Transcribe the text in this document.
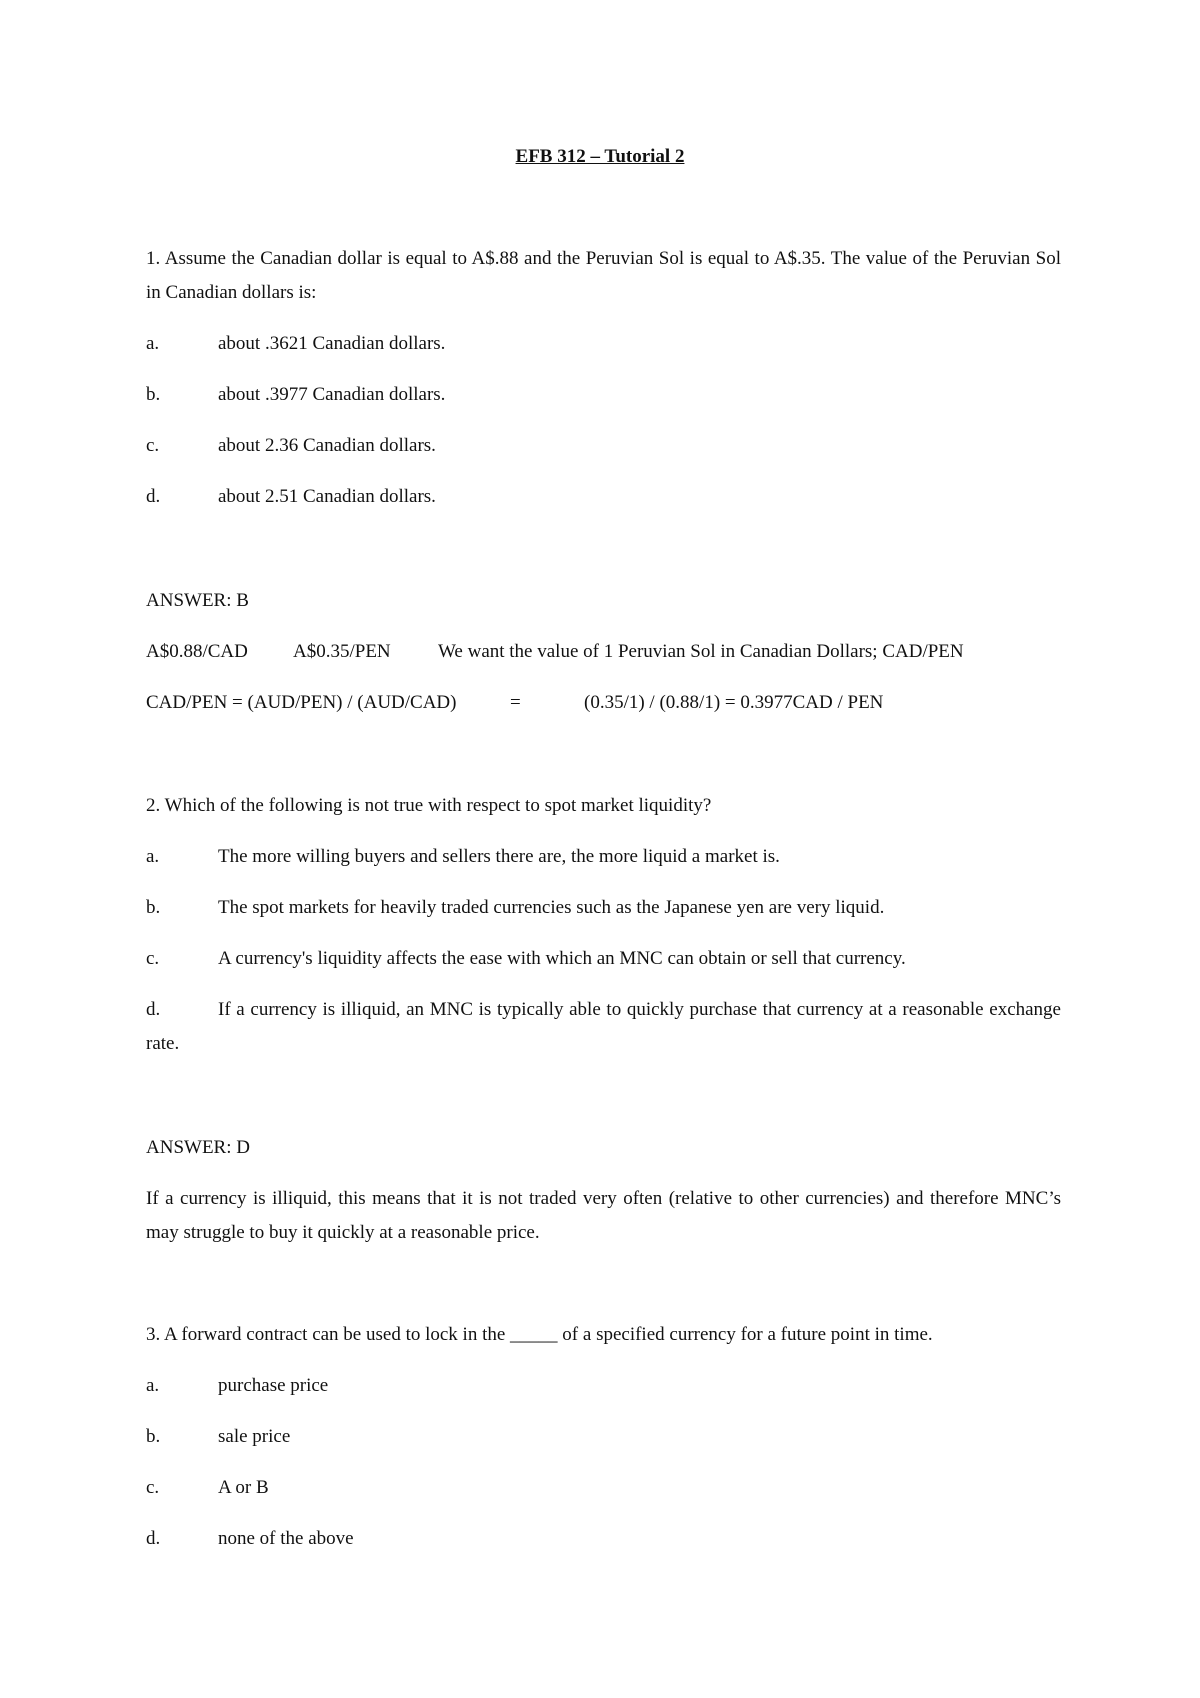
EFB 312 – Tutorial 2
1. Assume the Canadian dollar is equal to A$.88 and the Peruvian Sol is equal to A$.35. The value of the Peruvian Sol in Canadian dollars is:
a.	about .3621 Canadian dollars.
b.	about .3977 Canadian dollars.
c.	about 2.36 Canadian dollars.
d.	about 2.51 Canadian dollars.
ANSWER: B
A$0.88/CAD A$0.35/PEN We want the value of 1 Peruvian Sol in Canadian Dollars; CAD/PEN
CAD/PEN = (AUD/PEN) / (AUD/CAD)	=	(0.35/1) / (0.88/1) = 0.3977CAD / PEN
2. Which of the following is not true with respect to spot market liquidity?
a.	The more willing buyers and sellers there are, the more liquid a market is.
b.	The spot markets for heavily traded currencies such as the Japanese yen are very liquid.
c.	A currency's liquidity affects the ease with which an MNC can obtain or sell that currency.
d.	If a currency is illiquid, an MNC is typically able to quickly purchase that currency at a reasonable exchange rate.
ANSWER: D
If a currency is illiquid, this means that it is not traded very often (relative to other currencies) and therefore MNC’s may struggle to buy it quickly at a reasonable price.
3. A forward contract can be used to lock in the _____ of a specified currency for a future point in time.
a.	purchase price
b.	sale price
c.	A or B
d.	none of the above
